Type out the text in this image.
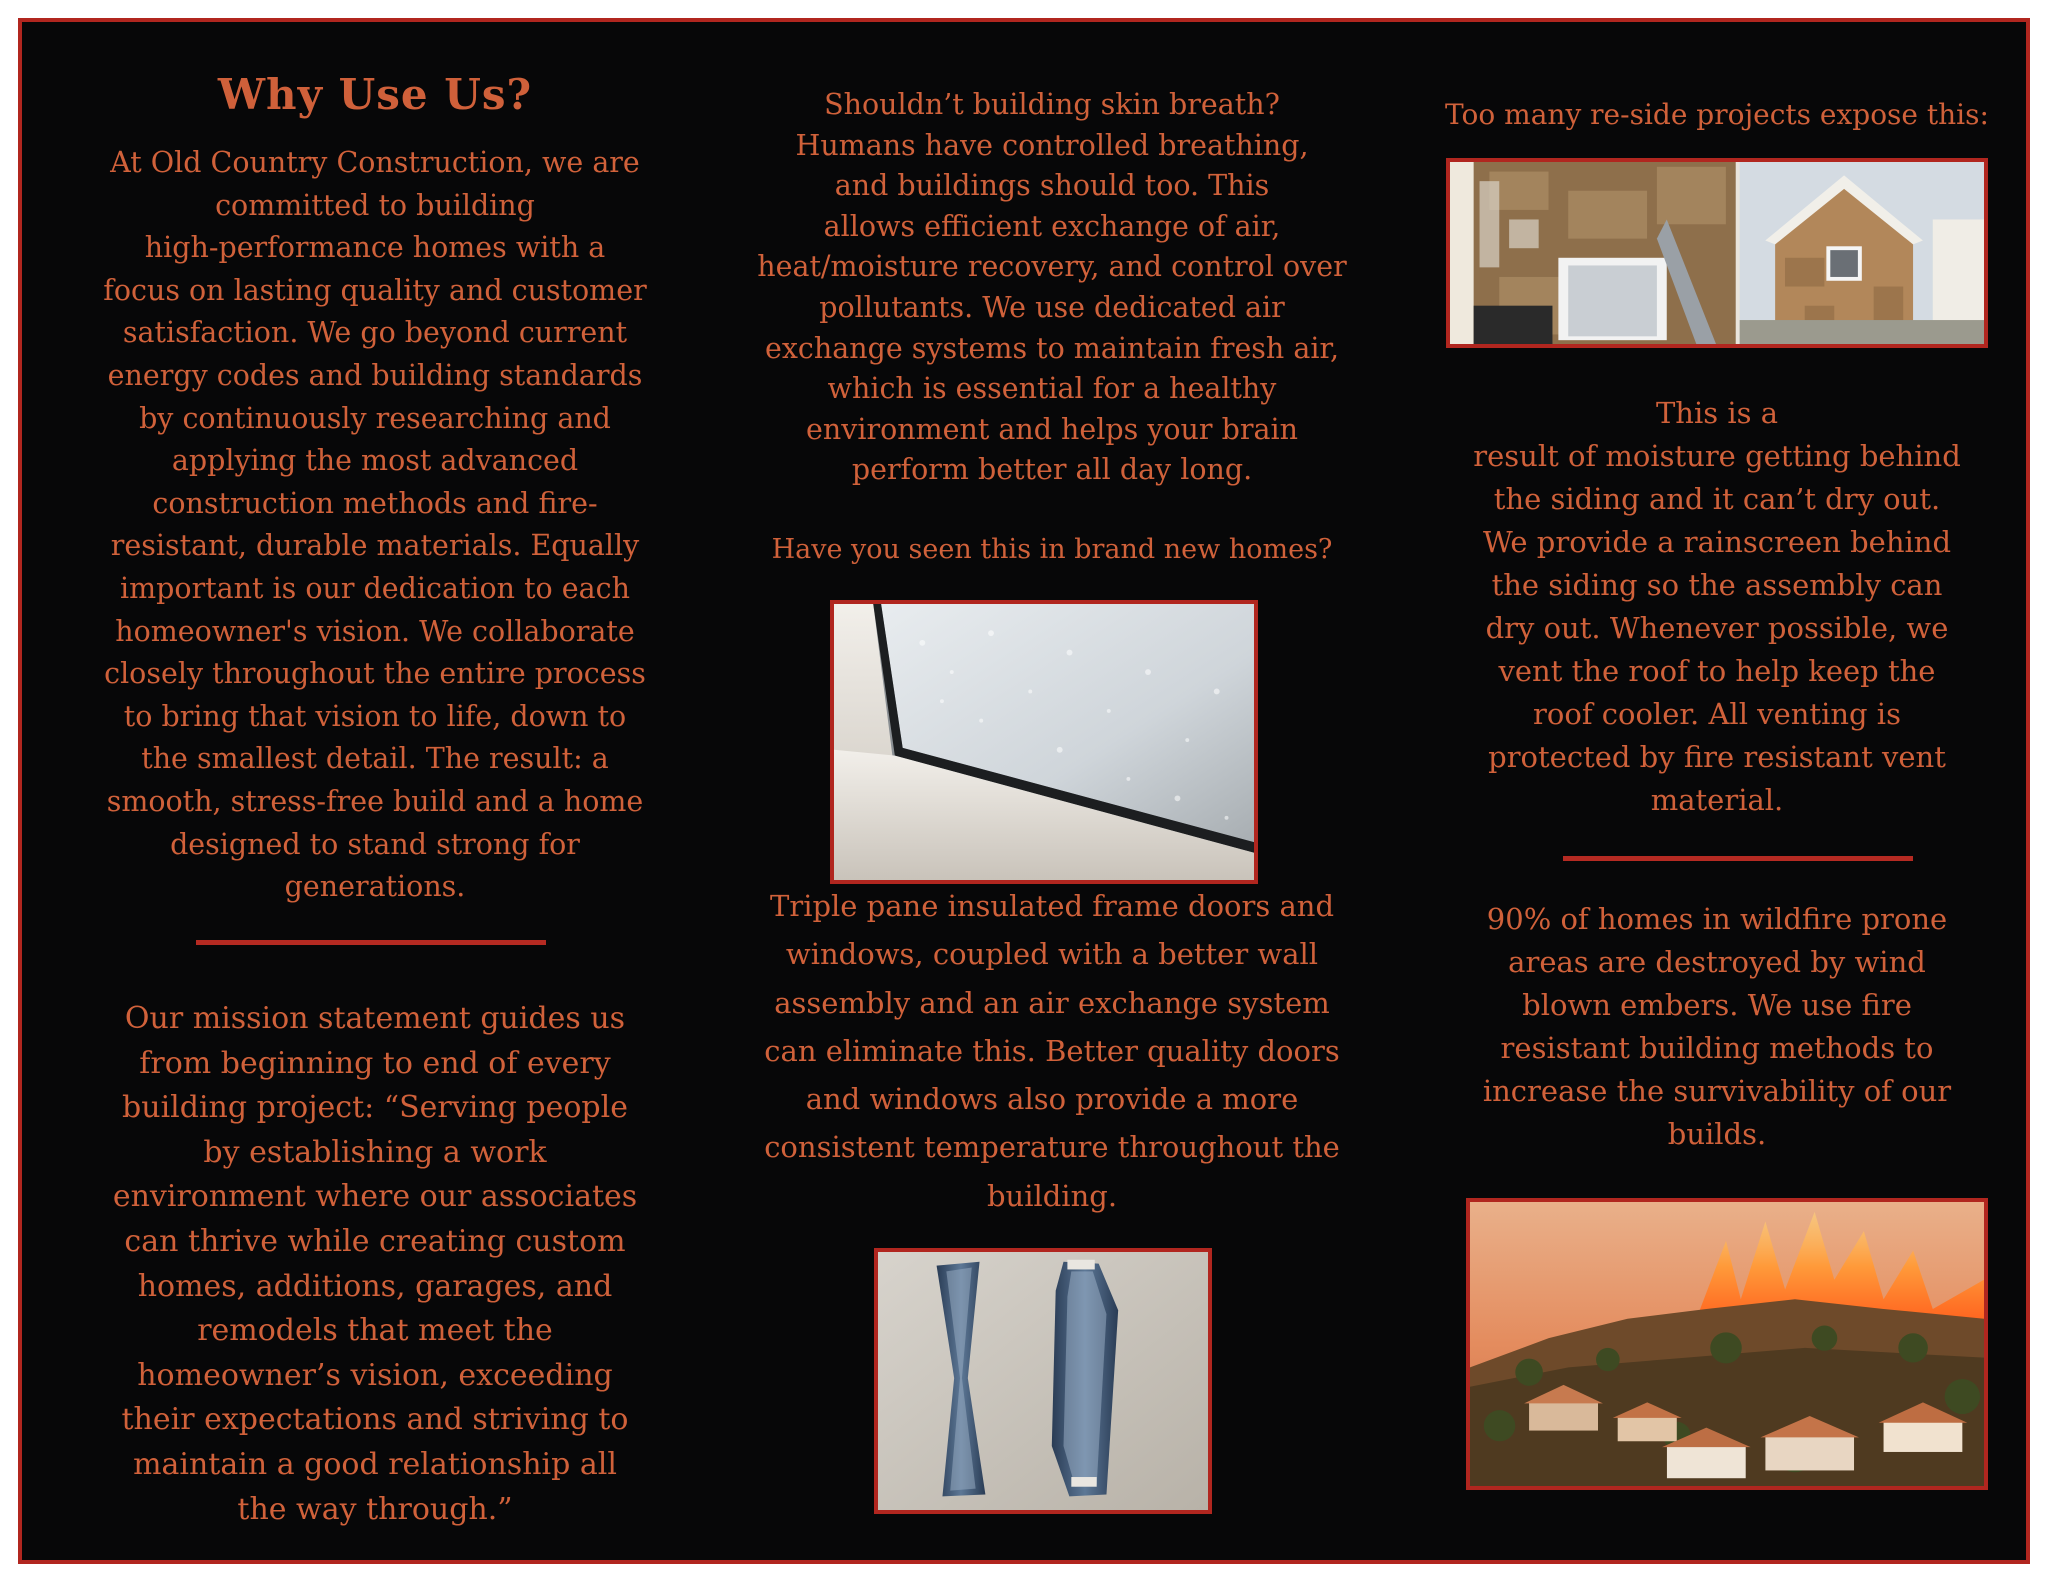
Why Use Us?
At Old Country Construction, we are
committed to building
high-performance homes with a
focus on lasting quality and customer
satisfaction. We go beyond current
energy codes and building standards
by continuously researching and
applying the most advanced
construction methods and fire-
resistant, durable materials. Equally
important is our dedication to each
homeowner's vision. We collaborate
closely throughout the entire process
to bring that vision to life, down to
the smallest detail. The result: a
smooth, stress-free build and a home
designed to stand strong for
generations.
Our mission statement guides us
from beginning to end of every
building project: “Serving people
by establishing a work
environment where our associates
can thrive while creating custom
homes, additions, garages, and
remodels that meet the
homeowner’s vision, exceeding
their expectations and striving to
maintain a good relationship all
the way through.”
Shouldn’t building skin breath?
Humans have controlled breathing,
and buildings should too. This
allows efficient exchange of air,
heat/moisture recovery, and control over
pollutants. We use dedicated air
exchange systems to maintain fresh air,
which is essential for a healthy
environment and helps your brain
perform better all day long.
Have you seen this in brand new homes?
Triple pane insulated frame doors and
windows, coupled with a better wall
assembly and an air exchange system
can eliminate this. Better quality doors
and windows also provide a more
consistent temperature throughout the
building.
Too many re-side projects expose this:
This is a
result of moisture getting behind
the siding and it can’t dry out.
We provide a rainscreen behind
the siding so the assembly can
dry out. Whenever possible, we
vent the roof to help keep the
roof cooler. All venting is
protected by fire resistant vent
material.
90% of homes in wildfire prone
areas are destroyed by wind
blown embers. We use fire
resistant building methods to
increase the survivability of our
builds.
